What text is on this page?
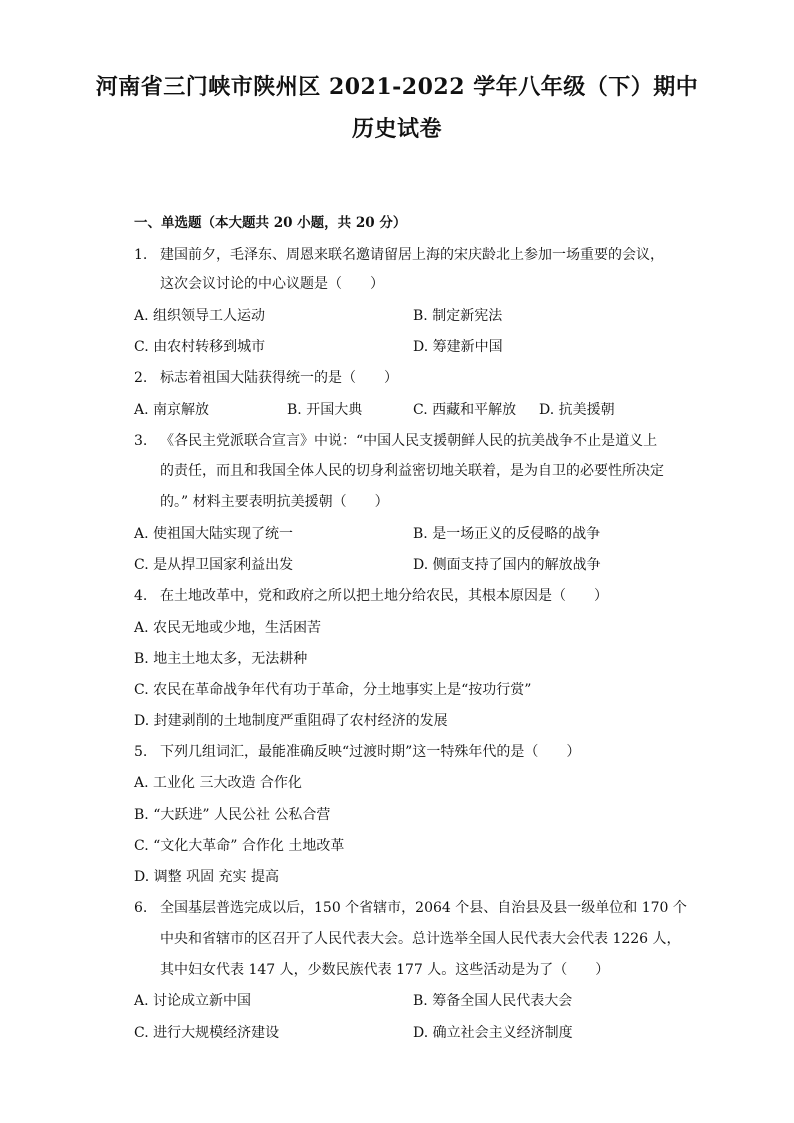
河南省三门峡市陕州区 2021-2022 学年八年级（下）期中
历史试卷
一、单选题（本大题共 20 小题，共 20 分）
1. 建国前夕，毛泽东、周恩来联名邀请留居上海的宋庆龄北上参加一场重要的会议，
这次会议讨论的中心议题是（　　）
A. 组织领导工人运动	B. 制定新宪法
C. 由农村转移到城市	D. 筹建新中国
2. 标志着祖国大陆获得统一的是（　　）
A. 南京解放	B. 开国大典	C. 西藏和平解放 D. 抗美援朝
3. 《各民主党派联合宣言》中说：“中国人民支援朝鲜人民的抗美战争不止是道义上
的责任，而且和我国全体人民的切身利益密切地关联着，是为自卫的必要性所决定
的。” 材料主要表明抗美援朝（　　）
A. 使祖国大陆实现了统一	B. 是一场正义的反侵略的战争
C. 是从捍卫国家利益出发	D. 侧面支持了国内的解放战争
4. 在土地改革中，党和政府之所以把土地分给农民，其根本原因是（　　）
A. 农民无地或少地，生活困苦
B. 地主土地太多，无法耕种
C. 农民在革命战争年代有功于革命，分土地事实上是“按功行赏”
D. 封建剥削的土地制度严重阻碍了农村经济的发展
5. 下列几组词汇，最能准确反映“过渡时期”这一特殊年代的是（　　）
A. 工业化 三大改造 合作化
B. “大跃进” 人民公社 公私合营
C. “文化大革命” 合作化 土地改革
D. 调整 巩固 充实 提高
6. 全国基层普选完成以后，150 个省辖市，2064 个县、自治县及县一级单位和 170 个
中央和省辖市的区召开了人民代表大会。总计选举全国人民代表大会代表 1226 人，
其中妇女代表 147 人，少数民族代表 177 人。这些活动是为了（　　）
A. 讨论成立新中国	B. 筹备全国人民代表大会
C. 进行大规模经济建设	D. 确立社会主义经济制度
